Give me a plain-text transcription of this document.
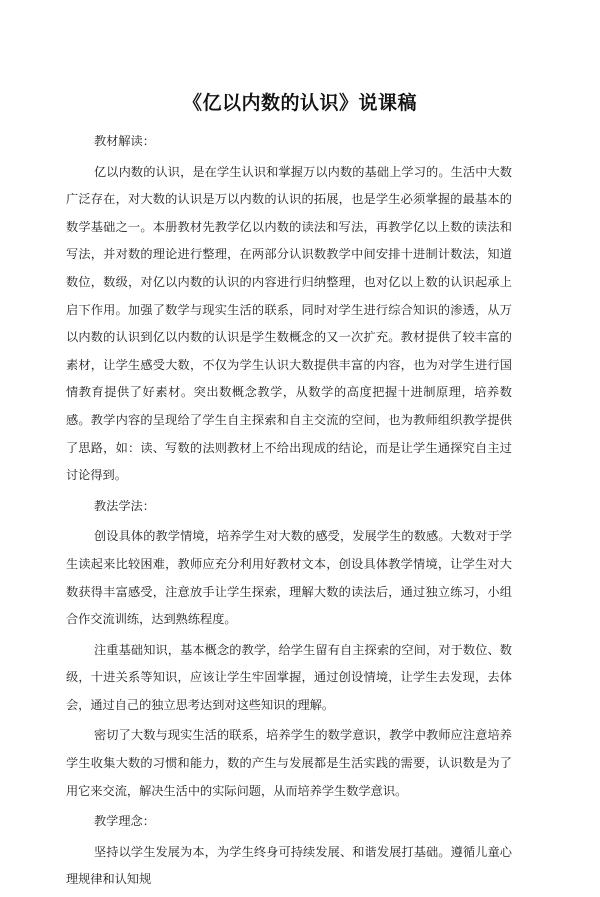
《亿以内数的认识》说课稿

教材解读：

亿以内数的认识，是在学生认识和掌握万以内数的基础上学习的。生活中大数广泛存在，对大数的认识是万以内数的认识的拓展，也是学生必须掌握的最基本的数学基础之一。本册教材先教学亿以内数的读法和写法，再教学亿以上数的读法和写法，并对数的理论进行整理，在两部分认识数教学中间安排十进制计数法，知道数位，数级，对亿以内数的认识的内容进行归纳整理，也对亿以上数的认识起承上启下作用。加强了数学与现实生活的联系，同时对学生进行综合知识的渗透，从万以内数的认识到亿以内数的认识是学生数概念的又一次扩充。教材提供了较丰富的素材，让学生感受大数，不仅为学生认识大数提供丰富的内容，也为对学生进行国情教育提供了好素材。突出数概念教学，从数学的高度把握十进制原理，培养数感。教学内容的呈现给了学生自主探索和自主交流的空间，也为教师组织教学提供了思路，如：读、写数的法则教材上不给出现成的结论，而是让学生通探究自主过讨论得到。

教法学法：

创设具体的教学情境，培养学生对大数的感受，发展学生的数感。大数对于学生读起来比较困难，教师应充分利用好教材文本，创设具体教学情境，让学生对大数获得丰富感受，注意放手让学生探索，理解大数的读法后，通过独立练习，小组合作交流训练，达到熟练程度。

注重基础知识，基本概念的教学，给学生留有自主探索的空间，对于数位、数级，十进关系等知识，应该让学生牢固掌握，通过创设情境，让学生去发现，去体会，通过自己的独立思考达到对这些知识的理解。

密切了大数与现实生活的联系，培养学生的数学意识，教学中教师应注意培养学生收集大数的习惯和能力，数的产生与发展都是生活实践的需要，认识数是为了用它来交流，解决生活中的实际问题，从而培养学生数学意识。

教学理念：

坚持以学生发展为本，为学生终身可持续发展、和谐发展打基础。遵循儿童心理规律和认知规
